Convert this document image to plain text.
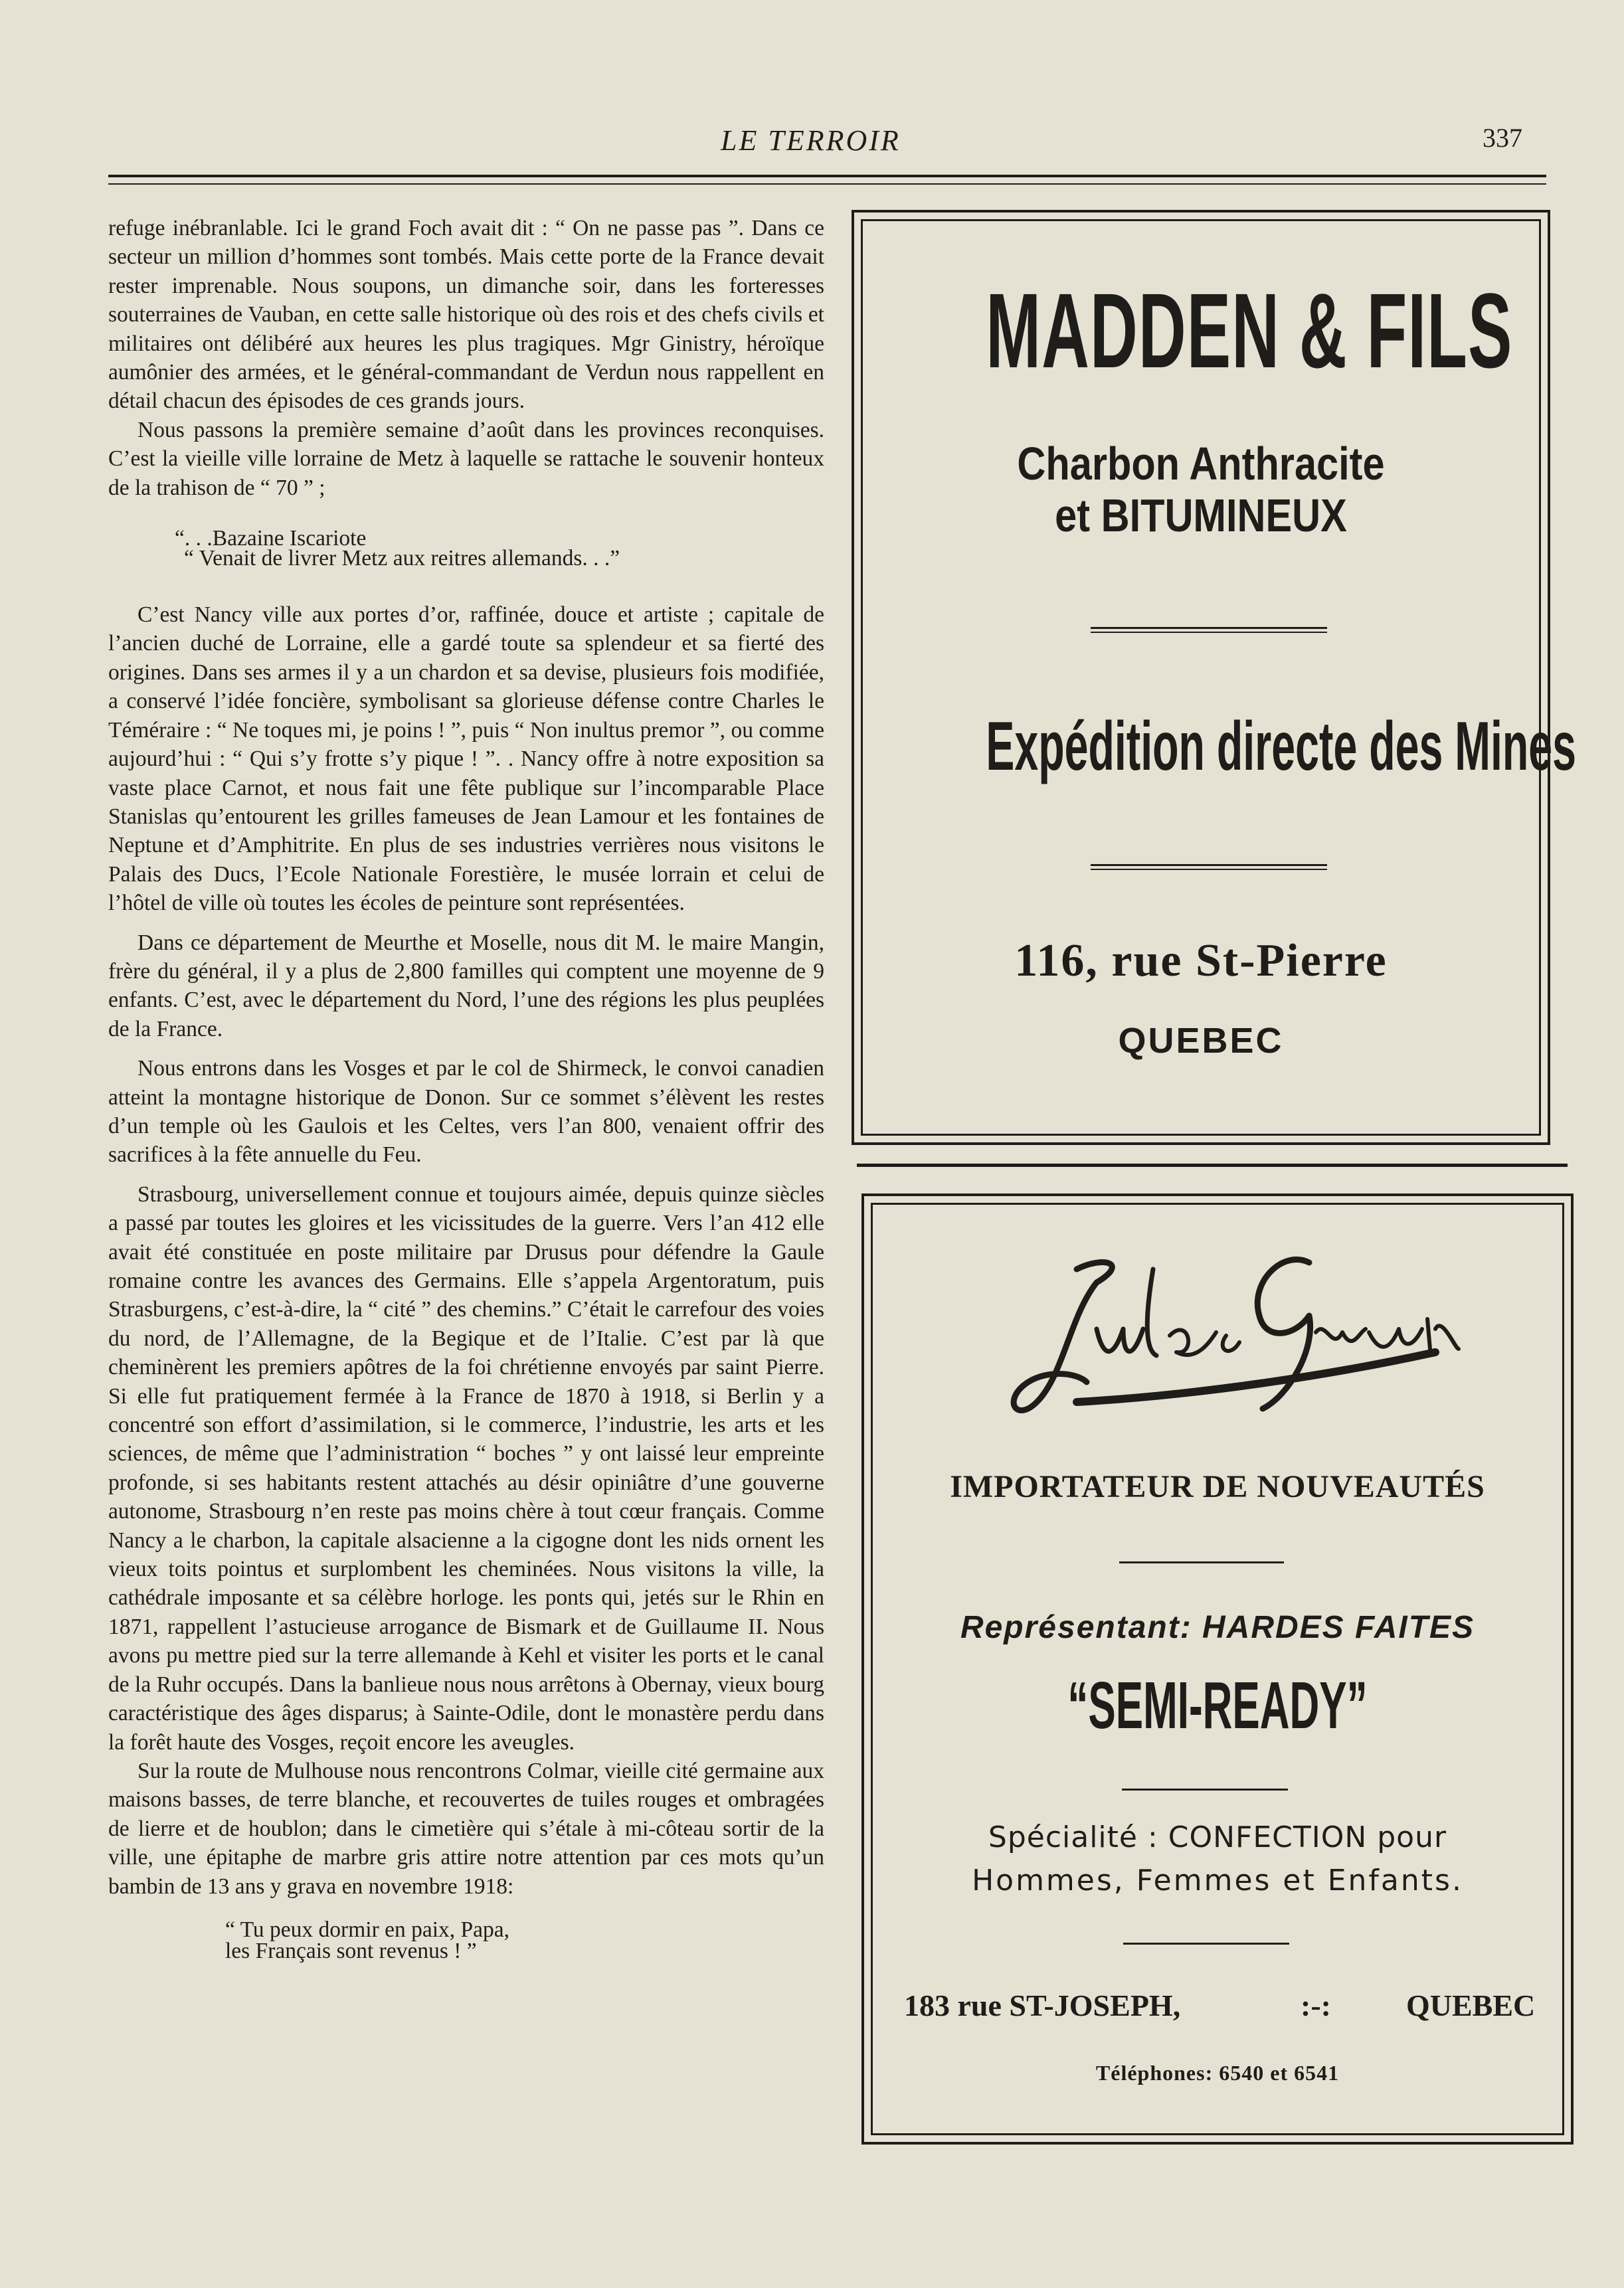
LE TERROIR	337

refuge inébranlable. Ici le grand Foch avait dit : “ On ne passe pas ”. Dans ce secteur un million d’hommes sont tombés. Mais cette porte de la France devait rester imprenable. Nous soupons, un dimanche soir, dans les forteresses souterraines de Vauban, en cette salle historique où des rois et des chefs civils et militaires ont délibéré aux heures les plus tragiques. Mgr Ginistry, héroïque aumônier des armées, et le général-commandant de Verdun nous rappellent en détail chacun des épisodes de ces grands jours.

Nous passons la première semaine d’août dans les provinces reconquises. C’est la vieille ville lorraine de Metz à laquelle se rattache le souvenir honteux de la trahison de “ 70 ” ;

“. . .Bazaine Iscariote
“ Venait de livrer Metz aux reitres allemands. . .”

C’est Nancy ville aux portes d’or, raffinée, douce et artiste ; capitale de l’ancien duché de Lorraine, elle a gardé toute sa splendeur et sa fierté des origines. Dans ses armes il y a un chardon et sa devise, plusieurs fois modifiée, a conservé l’idée foncière, symbolisant sa glorieuse défense contre Charles le Téméraire : “ Ne toques mi, je poins ! ”, puis “ Non inultus premor ”, ou comme aujourd’hui : “ Qui s’y frotte s’y pique ! ”. . Nancy offre à notre exposition sa vaste place Carnot, et nous fait une fête publique sur l’incomparable Place Stanislas qu’entourent les grilles fameuses de Jean Lamour et les fontaines de Neptune et d’Amphitrite. En plus de ses industries verrières nous visitons le Palais des Ducs, l’Ecole Nationale Forestière, le musée lorrain et celui de l’hôtel de ville où toutes les écoles de peinture sont représentées.

Dans ce département de Meurthe et Moselle, nous dit M. le maire Mangin, frère du général, il y a plus de 2,800 familles qui comptent une moyenne de 9 enfants. C’est, avec le département du Nord, l’une des régions les plus peuplées de la France.

Nous entrons dans les Vosges et par le col de Shirmeck, le convoi canadien atteint la montagne historique de Donon. Sur ce sommet s’élèvent les restes d’un temple où les Gaulois et les Celtes, vers l’an 800, venaient offrir des sacrifices à la fête annuelle du Feu.

Strasbourg, universellement connue et toujours aimée, depuis quinze siècles a passé par toutes les gloires et les vicissitudes de la guerre. Vers l’an 412 elle avait été constituée en poste militaire par Drusus pour défendre la Gaule romaine contre les avances des Germains. Elle s’appela Argentoratum, puis Strasburgens, c’est-à-dire, la “ cité ” des chemins.” C’était le carrefour des voies du nord, de l’Allemagne, de la Begique et de l’Italie. C’est par là que cheminèrent les premiers apôtres de la foi chrétienne envoyés par saint Pierre. Si elle fut pratiquement fermée à la France de 1870 à 1918, si Berlin y a concentré son effort d’assimilation, si le commerce, l’industrie, les arts et les sciences, de même que l’administration “ boches ” y ont laissé leur empreinte profonde, si ses habitants restent attachés au désir opiniâtre d’une gouverne autonome, Strasbourg n’en reste pas moins chère à tout cœur français. Comme Nancy a le charbon, la capitale alsacienne a la cigogne dont les nids ornent les vieux toits pointus et surplombent les cheminées. Nous visitons la ville, la cathédrale imposante et sa célèbre horloge. les ponts qui, jetés sur le Rhin en 1871, rappellent l’astucieuse arrogance de Bismark et de Guillaume II. Nous avons pu mettre pied sur la terre allemande à Kehl et visiter les ports et le canal de la Ruhr occupés. Dans la banlieue nous nous arrêtons à Obernay, vieux bourg caractéristique des âges disparus; à Sainte-Odile, dont le monastère perdu dans la forêt haute des Vosges, reçoit encore les aveugles.

Sur la route de Mulhouse nous rencontrons Colmar, vieille cité germaine aux maisons basses, de terre blanche, et recouvertes de tuiles rouges et ombragées de lierre et de houblon; dans le cimetière qui s’étale à mi-côteau sortir de la ville, une épitaphe de marbre gris attire notre attention par ces mots qu’un bambin de 13 ans y grava en novembre 1918:

“ Tu peux dormir en paix, Papa,
les Français sont revenus ! ”
MADDEN & FILS
Charbon Anthracite
et BITUMINEUX
Expédition directe des Mines
116, rue St-Pierre
QUEBEC
IMPORTATEUR DE NOUVEAUTÉS
Représentant: HARDES FAITES
“SEMI-READY”
Spécialité : CONFECTION pour
Hommes, Femmes et Enfants.
183 rue ST-JOSEPH,	:-: QUEBEC
Téléphones: 6540 et 6541
